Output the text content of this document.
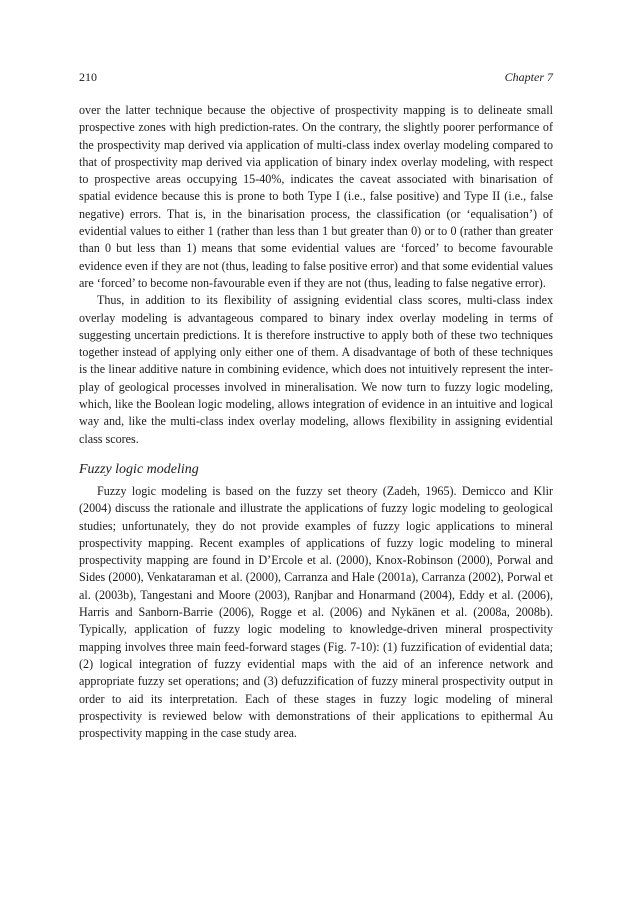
210	Chapter 7

over the latter technique because the objective of prospectivity mapping is to delineate small prospective zones with high prediction-rates. On the contrary, the slightly poorer performance of the prospectivity map derived via application of multi-class index overlay modeling compared to that of prospectivity map derived via application of binary index overlay modeling, with respect to prospective areas occupying 15-40%, indicates the caveat associated with binarisation of spatial evidence because this is prone to both Type I (i.e., false positive) and Type II (i.e., false negative) errors. That is, in the binarisation process, the classification (or ‘equalisation’) of evidential values to either 1 (rather than less than 1 but greater than 0) or to 0 (rather than greater than 0 but less than 1) means that some evidential values are ‘forced’ to become favourable evidence even if they are not (thus, leading to false positive error) and that some evidential values are ‘forced’ to become non-favourable even if they are not (thus, leading to false negative error).

Thus, in addition to its flexibility of assigning evidential class scores, multi-class index overlay modeling is advantageous compared to binary index overlay modeling in terms of suggesting uncertain predictions. It is therefore instructive to apply both of these two techniques together instead of applying only either one of them. A disadvantage of both of these techniques is the linear additive nature in combining evidence, which does not intuitively represent the inter-play of geological processes involved in mineralisation. We now turn to fuzzy logic modeling, which, like the Boolean logic modeling, allows integration of evidence in an intuitive and logical way and, like the multi-class index overlay modeling, allows flexibility in assigning evidential class scores.

Fuzzy logic modeling

Fuzzy logic modeling is based on the fuzzy set theory (Zadeh, 1965). Demicco and Klir (2004) discuss the rationale and illustrate the applications of fuzzy logic modeling to geological studies; unfortunately, they do not provide examples of fuzzy logic applications to mineral prospectivity mapping. Recent examples of applications of fuzzy logic modeling to mineral prospectivity mapping are found in D’Ercole et al. (2000), Knox-Robinson (2000), Porwal and Sides (2000), Venkataraman et al. (2000), Carranza and Hale (2001a), Carranza (2002), Porwal et al. (2003b), Tangestani and Moore (2003), Ranjbar and Honarmand (2004), Eddy et al. (2006), Harris and Sanborn-Barrie (2006), Rogge et al. (2006) and Nykänen et al. (2008a, 2008b). Typically, application of fuzzy logic modeling to knowledge-driven mineral prospectivity mapping involves three main feed-forward stages (Fig. 7-10): (1) fuzzification of evidential data; (2) logical integration of fuzzy evidential maps with the aid of an inference network and appropriate fuzzy set operations; and (3) defuzzification of fuzzy mineral prospectivity output in order to aid its interpretation. Each of these stages in fuzzy logic modeling of mineral prospectivity is reviewed below with demonstrations of their applications to epithermal Au prospectivity mapping in the case study area.
